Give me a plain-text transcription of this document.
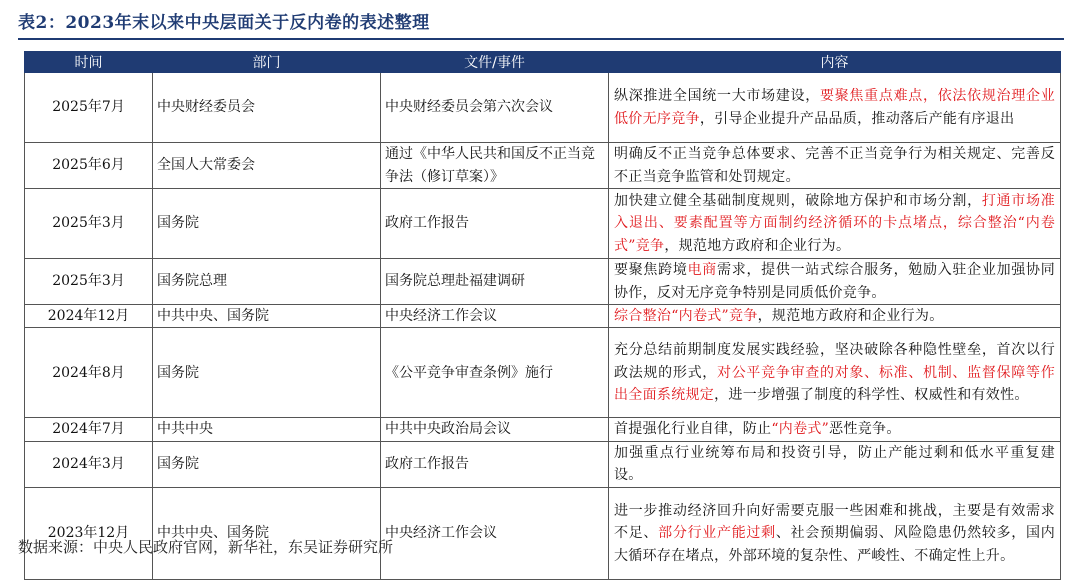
表2：2023年末以来中央层面关于反内卷的表述整理
时间	部门	文件/事件	内容
2025年7月	中央财经委员会	中央财经委员会第六次会议	纵深推进全国统一大市场建设，要聚焦重点难点，依法依规治理企业低价无序竞争，引导企业提升产品品质，推动落后产能有序退出
2025年6月	全国人大常委会	通过《中华人民共和国反不正当竞争法（修订草案）》	明确反不正当竞争总体要求、完善不正当竞争行为相关规定、完善反不正当竞争监管和处罚规定。
2025年3月	国务院	政府工作报告	加快建立健全基础制度规则，破除地方保护和市场分割，打通市场准入退出、要素配置等方面制约经济循环的卡点堵点，综合整治“内卷式”竞争，规范地方政府和企业行为。
2025年3月	国务院总理	国务院总理赴福建调研	要聚焦跨境电商需求，提供一站式综合服务，勉励入驻企业加强协同协作，反对无序竞争特别是同质低价竞争。
2024年12月	中共中央、国务院	中央经济工作会议	综合整治“内卷式”竞争，规范地方政府和企业行为。
2024年8月	国务院	《公平竞争审查条例》施行	充分总结前期制度发展实践经验，坚决破除各种隐性壁垒，首次以行政法规的形式，对公平竞争审查的对象、标准、机制、监督保障等作出全面系统规定，进一步增强了制度的科学性、权威性和有效性。
2024年7月	中共中央	中共中央政治局会议	首提强化行业自律，防止“内卷式”恶性竞争。
2024年3月	国务院	政府工作报告	加强重点行业统筹布局和投资引导，防止产能过剩和低水平重复建设。
2023年12月	中共中央、国务院	中央经济工作会议	进一步推动经济回升向好需要克服一些困难和挑战，主要是有效需求不足、部分行业产能过剩、社会预期偏弱、风险隐患仍然较多，国内大循环存在堵点，外部环境的复杂性、严峻性、不确定性上升。
数据来源：中央人民政府官网，新华社，东吴证券研究所
